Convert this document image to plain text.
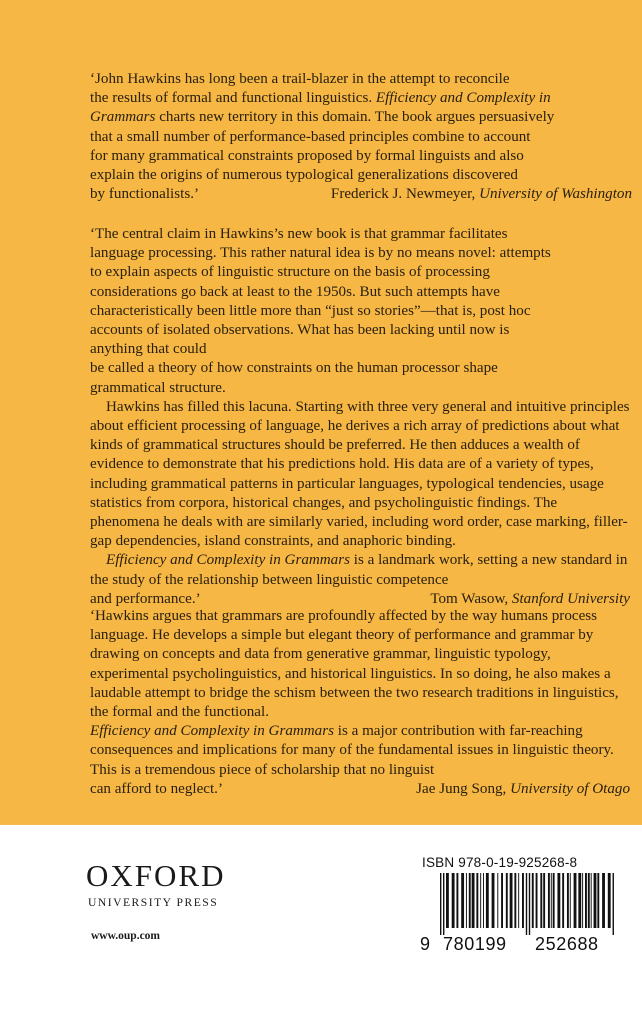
‘John Hawkins has long been a trail-blazer in the attempt to reconcile

the results of formal and functional linguistics. Efficiency and Complexity in

Grammars charts new territory in this domain. The book argues persuasively

that a small number of performance-based principles combine to account

for many grammatical constraints proposed by formal linguists and also

explain the origins of numerous typological generalizations discovered

by functionalists.’	Frederick J. Newmeyer, University of Washington

‘The central claim in Hawkins’s new book is that grammar facilitates language processing. This rather natural idea is by no means novel: attempts to explain aspects of linguistic structure on the basis of processing considerations go back at least to the 1950s. But such attempts have characteristically been little more than “just so stories”—that is, post hoc accounts of isolated observations. What has been lacking until now is anything that could

be called a theory of how constraints on the human processor shape grammatical structure.

Hawkins has filled this lacuna. Starting with three very general and intuitive principles about efficient processing of language, he derives a rich array of predictions about what kinds of grammatical structures should be preferred. He then adduces a wealth of evidence to demonstrate that his predictions hold. His data are of a variety of types, including grammatical patterns in particular languages, typological tendencies, usage statistics from corpora, historical changes, and psycholinguistic findings. The phenomena he deals with are similarly varied, including word order, case marking, filler-gap dependencies, island constraints, and anaphoric binding.

Efficiency and Complexity in Grammars is a landmark work, setting a new standard in the study of the relationship between linguistic competence

and performance.’	Tom Wasow, Stanford University

‘Hawkins argues that grammars are profoundly affected by the way humans process language. He develops a simple but elegant theory of performance and grammar by drawing on concepts and data from generative grammar, linguistic typology, experimental psycholinguistics, and historical linguistics. In so doing, he also makes a laudable attempt to bridge the schism between the two research traditions in linguistics, the formal and the functional.

Efficiency and Complexity in Grammars is a major contribution with far-reaching consequences and implications for many of the fundamental issues in linguistic theory. This is a tremendous piece of scholarship that no linguist

can afford to neglect.’	Jae Jung Song, University of Otago
OXFORD
UNIVERSITY PRESS
www.oup.com
ISBN 978-0-19-925268-8
9 780199 252688
